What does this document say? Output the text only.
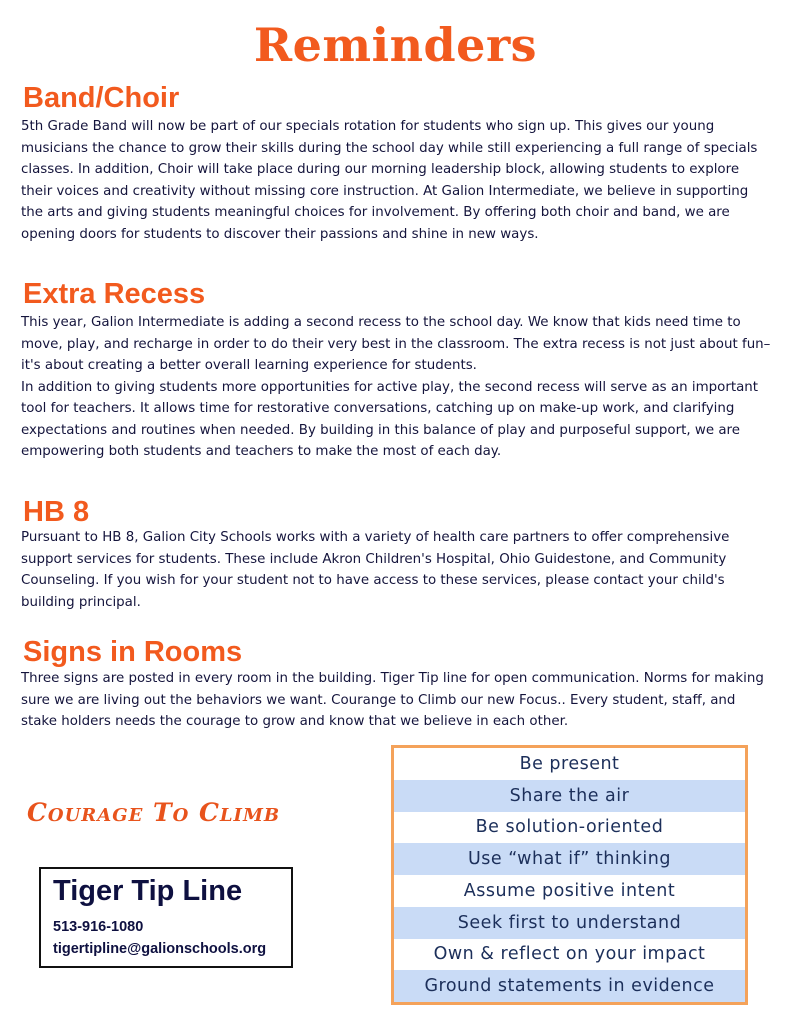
Reminders
Band/Choir

5th Grade Band will now be part of our specials rotation for students who sign up. This gives our young musicians the chance to grow their skills during the school day while still experiencing a full range of specials classes. In addition, Choir will take place during our morning leadership block, allowing students to explore their voices and creativity without missing core instruction. At Galion Intermediate, we believe in supporting the arts and giving students meaningful choices for involvement. By offering both choir and band, we are opening doors for students to discover their passions and shine in new ways.

Extra Recess

This year, Galion Intermediate is adding a second recess to the school day. We know that kids need time to move, play, and recharge in order to do their very best in the classroom. The extra recess is not just about fun–it's about creating a better overall learning experience for students.

In addition to giving students more opportunities for active play, the second recess will serve as an important tool for teachers. It allows time for restorative conversations, catching up on make-up work, and clarifying expectations and routines when needed. By building in this balance of play and purposeful support, we are empowering both students and teachers to make the most of each day.

HB 8

Pursuant to HB 8, Galion City Schools works with a variety of health care partners to offer comprehensive support services for students. These include Akron Children's Hospital, Ohio Guidestone, and Community Counseling. If you wish for your student not to have access to these services, please contact your child's building principal.

Signs in Rooms

Three signs are posted in every room in the building. Tiger Tip line for open communication. Norms for making sure we are living out the behaviors we want. Courange to Climb our new Focus.. Every student, staff, and stake holders needs the courage to grow and know that we believe in each other.

Courage To Climb
Tiger Tip Line
513-916-1080
tigertipline@galionschools.org
Be present
Share the air
Be solution-oriented
Use “what if” thinking
Assume positive intent
Seek first to understand
Own & reflect on your impact
Ground statements in evidence
